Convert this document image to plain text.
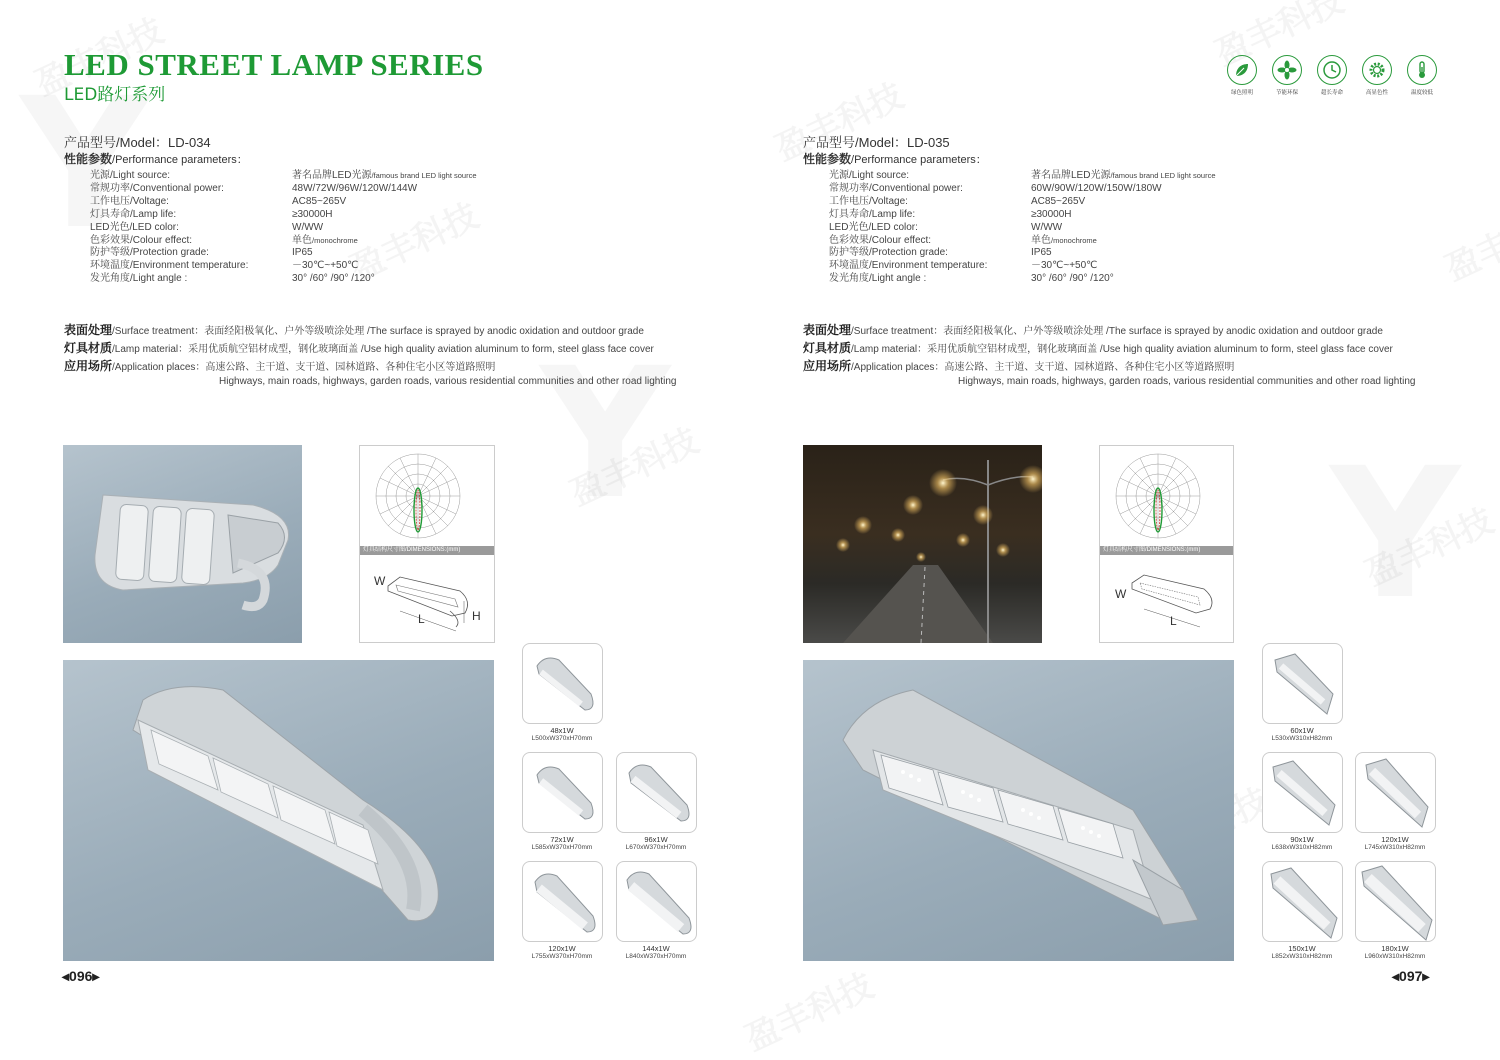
LED STREET LAMP SERIES
LED路灯系列	绿色照明	节能环保	超长寿命	高显色性	温度较低
产品型号/Model：LD-034
性能参数/Performance parameters：
光源/Light source:	著名品牌LED光源/famous brand LED light source
常规功率/Conventional power:	48W/72W/96W/120W/144W
工作电压/Voltage:	AC85~265V
灯具寿命/Lamp life:	≥30000H
LED光色/LED color:	W/WW
色彩效果/Colour effect:	单色/monochrome
防护等级/Protection grade:	IP65
环境温度/Environment temperature:	－30℃~+50℃
发光角度/Light angle :	30° /60° /90° /120°
表面处理/Surface treatment：表面经阳极氧化、户外等级喷涂处理 /The surface is sprayed by anodic oxidation and outdoor grade
灯具材质/Lamp material：采用优质航空铝材成型，钢化玻璃面盖 /Use high quality aviation aluminum to form, steel glass face cover
应用场所/Application places：高速公路、主干道、支干道、园林道路、各种住宅小区等道路照明
Highways, main roads, highways, garden roads, various residential communities and other road lighting
灯具结构尺寸图/DIMENSIONS:(mm)
W
L	H
48x1W
L500xW370xH70mm
72x1W
L585xW370xH70mm
96x1W
L670xW370xH70mm
120x1W
L755xW370xH70mm
144x1W
L840xW370xH70mm
◂096▸
产品型号/Model：LD-035
性能参数/Performance parameters：
光源/Light source:	著名品牌LED光源/famous brand LED light source
常规功率/Conventional power:	60W/90W/120W/150W/180W
工作电压/Voltage:	AC85~265V
灯具寿命/Lamp life:	≥30000H
LED光色/LED color:	W/WW
色彩效果/Colour effect:	单色/monochrome
防护等级/Protection grade:	IP65
环境温度/Environment temperature:	－30℃~+50℃
发光角度/Light angle :	30° /60° /90° /120°
表面处理/Surface treatment：表面经阳极氧化、户外等级喷涂处理 /The surface is sprayed by anodic oxidation and outdoor grade
灯具材质/Lamp material：采用优质航空铝材成型，钢化玻璃面盖 /Use high quality aviation aluminum to form, steel glass face cover
应用场所/Application places：高速公路、主干道、支干道、园林道路、各种住宅小区等道路照明
Highways, main roads, highways, garden roads, various residential communities and other road lighting
灯具结构尺寸图/DIMENSIONS:(mm)
W
L
60x1W
L530xW310xH82mm
90x1W
L638xW310xH82mm
120x1W
L745xW310xH82mm
150x1W
L852xW310xH82mm
180x1W
L960xW310xH82mm
◂097▸
